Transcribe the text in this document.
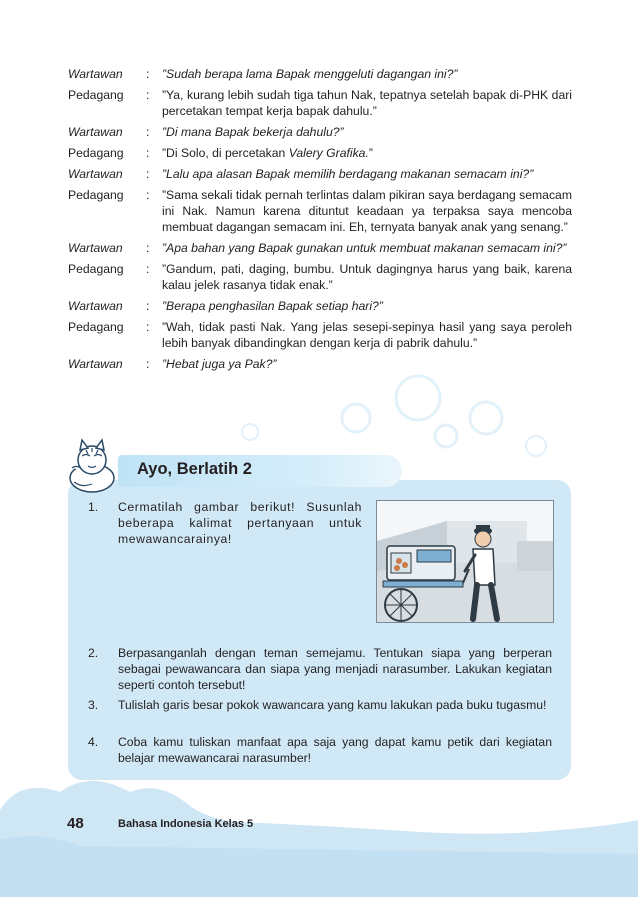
Wartawan	:	”Sudah berapa lama Bapak menggeluti dagangan ini?”
Pedagang	:	”Ya, kurang lebih sudah tiga tahun Nak, tepatnya setelah bapak di-PHK dari percetakan tempat kerja bapak dahulu.”
Wartawan	:	”Di mana Bapak bekerja dahulu?”
Pedagang	:	”Di Solo, di percetakan Valery Grafika.”
Wartawan	:	”Lalu apa alasan Bapak memilih berdagang makanan semacam ini?”
Pedagang	:	”Sama sekali tidak pernah terlintas dalam pikiran saya berdagang semacam ini Nak. Namun karena dituntut keadaan ya terpaksa saya mencoba membuat dagangan semacam ini. Eh, ternyata banyak anak yang senang.”
Wartawan	:	”Apa bahan yang Bapak gunakan untuk membuat makanan semacam ini?”
Pedagang	:	”Gandum, pati, daging, bumbu. Untuk dagingnya harus yang baik, karena kalau jelek rasanya tidak enak.”
Wartawan	:	”Berapa penghasilan Bapak setiap hari?”
Pedagang	:	”Wah, tidak pasti Nak. Yang jelas sesepi-sepinya hasil yang saya peroleh lebih banyak dibandingkan dengan kerja di pabrik dahulu.”
Wartawan	:	”Hebat juga ya Pak?”
Ayo, Berlatih 2
1.	Cermatilah gambar berikut! Susunlah beberapa kalimat pertanyaan untuk mewawancarainya!
2.	Berpasanganlah dengan teman semejamu. Tentukan siapa yang berperan sebagai pewawancara dan siapa yang menjadi narasumber. Lakukan kegiatan seperti contoh tersebut!
3.	Tulislah garis besar pokok wawancara yang kamu lakukan pada buku tugasmu!
4.	Coba kamu tuliskan manfaat apa saja yang dapat kamu petik dari kegiatan belajar mewawancarai narasumber!
48	Bahasa Indonesia Kelas 5
